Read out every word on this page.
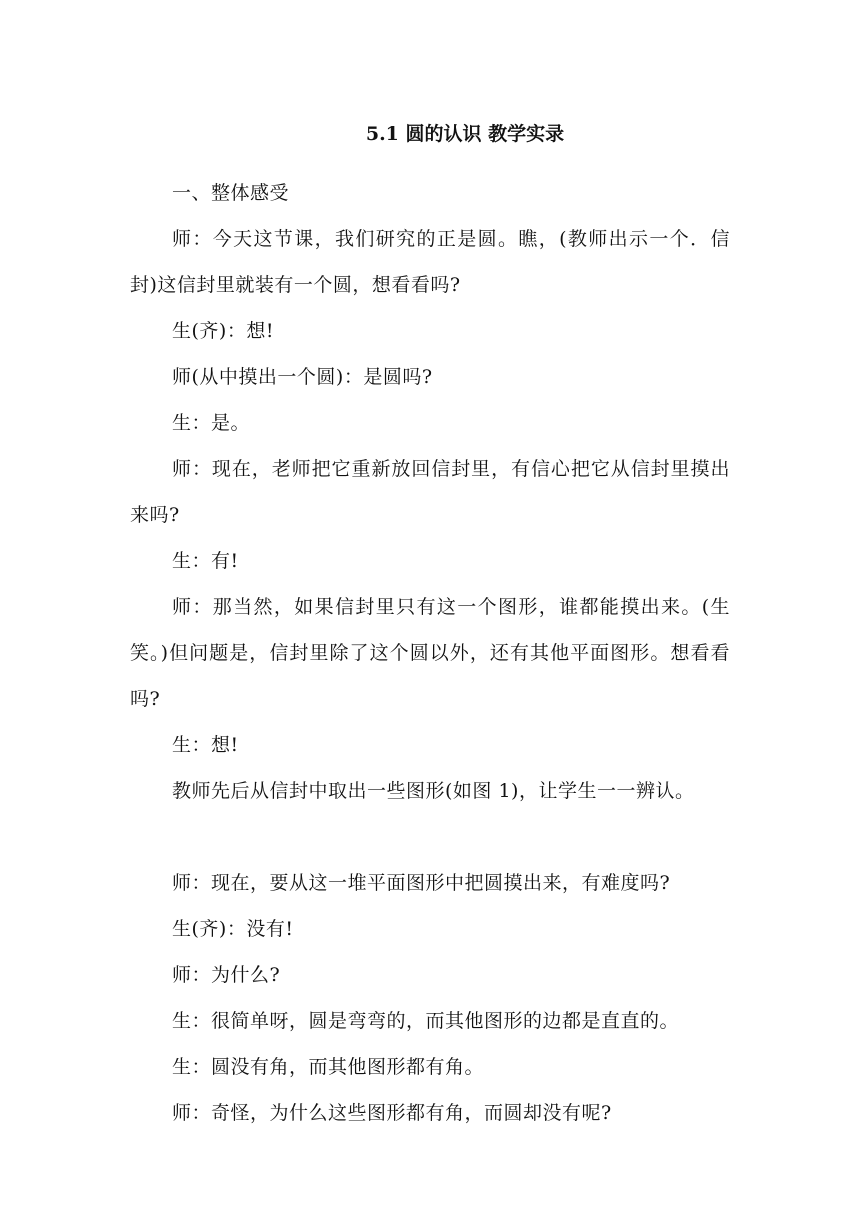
5.1 圆的认识 教学实录

一、整体感受

师：今天这节课，我们研究的正是圆。瞧，(教师出示一个．信封)这信封里就装有一个圆，想看看吗?

生(齐)：想!

师(从中摸出一个圆)：是圆吗?

生：是。

师：现在，老师把它重新放回信封里，有信心把它从信封里摸出来吗?

生：有!

师：那当然，如果信封里只有这一个图形，谁都能摸出来。(生笑。)但问题是，信封里除了这个圆以外，还有其他平面图形。想看看吗?

生：想!

教师先后从信封中取出一些图形(如图 1)，让学生一一辨认。

师：现在，要从这一堆平面图形中把圆摸出来，有难度吗?

生(齐)：没有!

师：为什么?

生：很简单呀，圆是弯弯的，而其他图形的边都是直直的。

生：圆没有角，而其他图形都有角。

师：奇怪，为什么这些图形都有角，而圆却没有呢?
